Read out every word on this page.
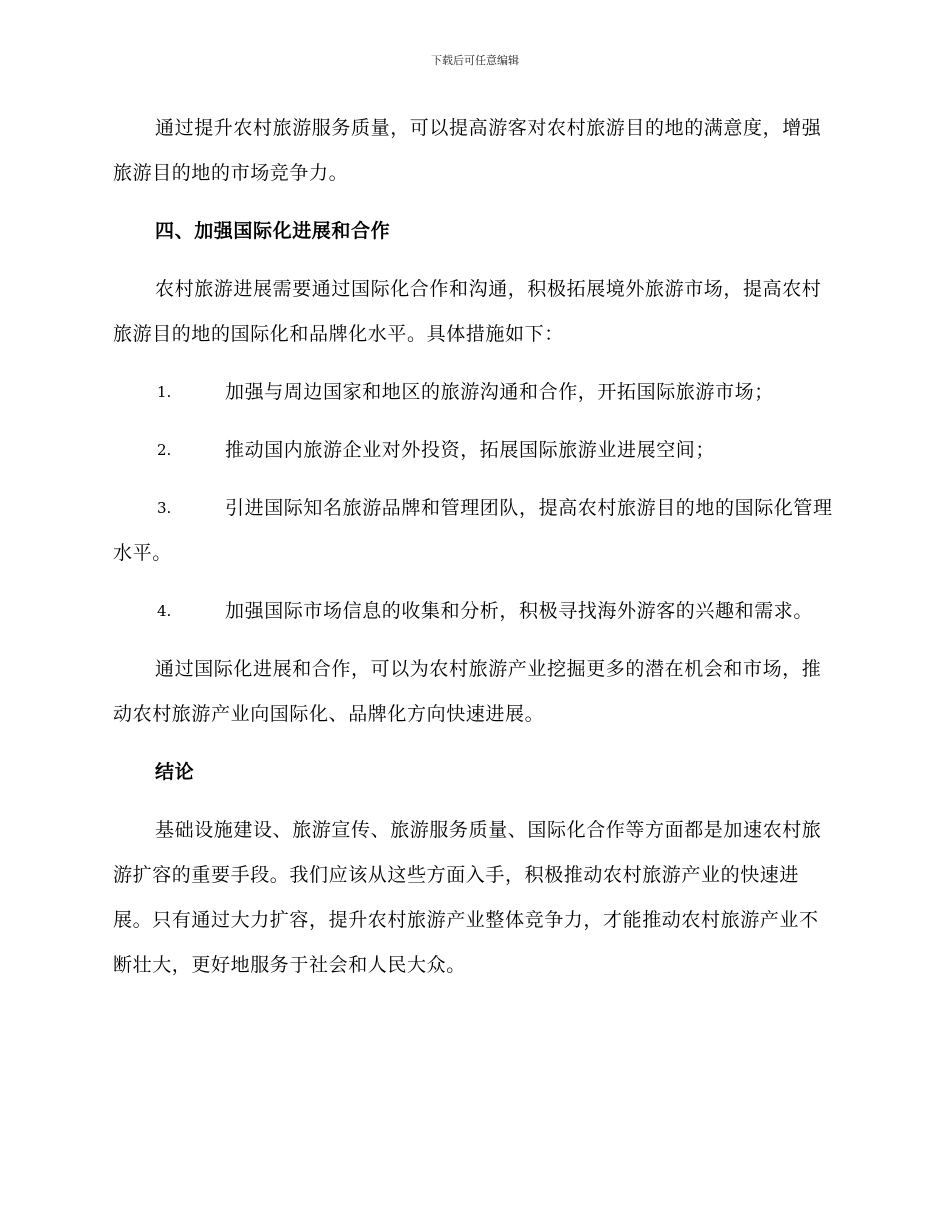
下载后可任意编辑

通过提升农村旅游服务质量，可以提高游客对农村旅游目的地的满意度，增强旅游目的地的市场竞争力。

四、加强国际化进展和合作

农村旅游进展需要通过国际化合作和沟通，积极拓展境外旅游市场，提高农村旅游目的地的国际化和品牌化水平。具体措施如下：

1.	加强与周边国家和地区的旅游沟通和合作，开拓国际旅游市场；
2.	推动国内旅游企业对外投资，拓展国际旅游业进展空间；
3.	引进国际知名旅游品牌和管理团队，提高农村旅游目的地的国际化管理水平。
4.	加强国际市场信息的收集和分析，积极寻找海外游客的兴趣和需求。

通过国际化进展和合作，可以为农村旅游产业挖掘更多的潜在机会和市场，推动农村旅游产业向国际化、品牌化方向快速进展。

结论

基础设施建设、旅游宣传、旅游服务质量、国际化合作等方面都是加速农村旅游扩容的重要手段。我们应该从这些方面入手，积极推动农村旅游产业的快速进展。只有通过大力扩容，提升农村旅游产业整体竞争力，才能推动农村旅游产业不断壮大，更好地服务于社会和人民大众。
